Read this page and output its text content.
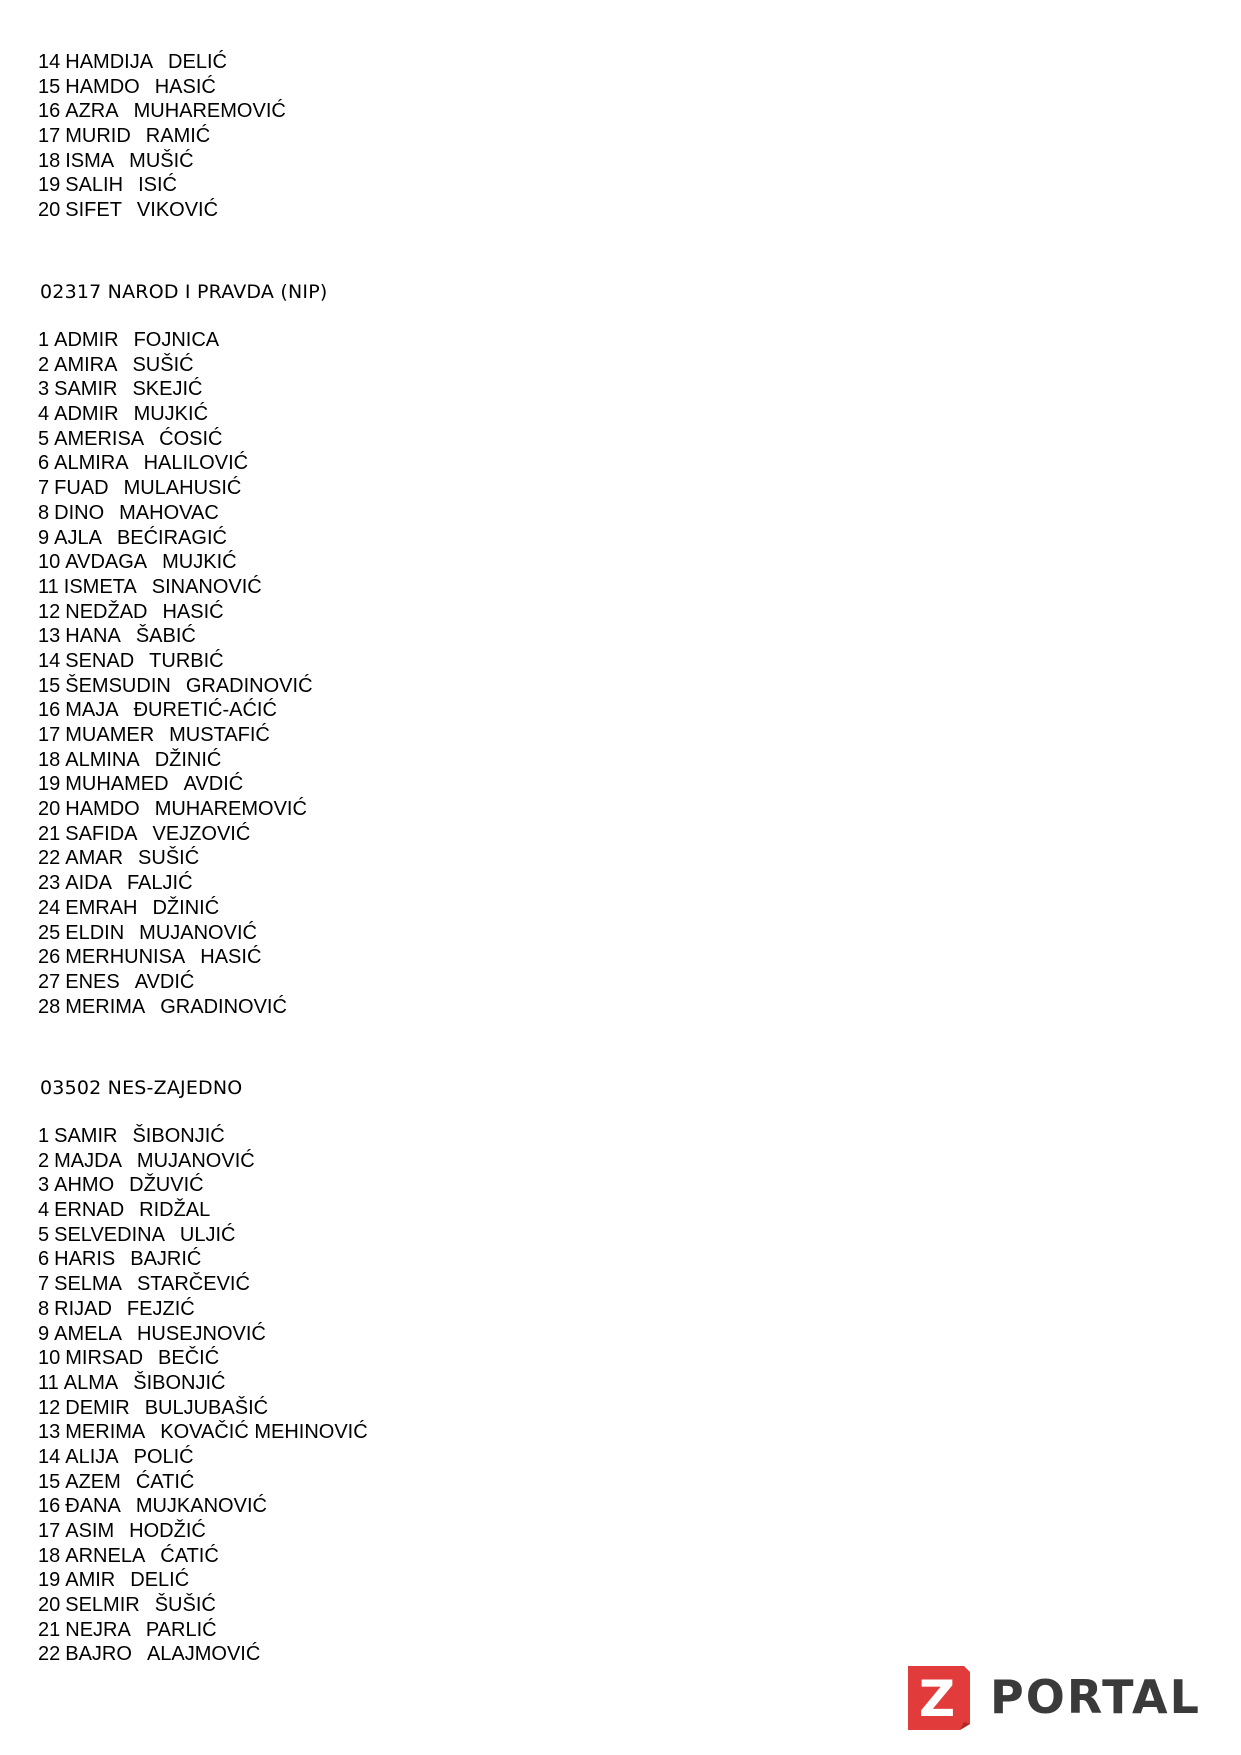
14 HAMDIJA DELIĆ
15 HAMDO HASIĆ
16 AZRA MUHAREMOVIĆ
17 MURID RAMIĆ
18 ISMA MUŠIĆ
19 SALIH ISIĆ
20 SIFET VIKOVIĆ
02317 NAROD I PRAVDA (NIP)
1 ADMIR FOJNICA
2 AMIRA SUŠIĆ
3 SAMIR SKEJIĆ
4 ADMIR MUJKIĆ
5 AMERISA ĆOSIĆ
6 ALMIRA HALILOVIĆ
7 FUAD MULAHUSIĆ
8 DINO MAHOVAC
9 AJLA BEĆIRAGIĆ
10 AVDAGA MUJKIĆ
11 ISMETA SINANOVIĆ
12 NEDŽAD HASIĆ
13 HANA ŠABIĆ
14 SENAD TURBIĆ
15 ŠEMSUDIN GRADINOVIĆ
16 MAJA ĐURETIĆ-AĆIĆ
17 MUAMER MUSTAFIĆ
18 ALMINA DŽINIĆ
19 MUHAMED AVDIĆ
20 HAMDO MUHAREMOVIĆ
21 SAFIDA VEJZOVIĆ
22 AMAR SUŠIĆ
23 AIDA FALJIĆ
24 EMRAH DŽINIĆ
25 ELDIN MUJANOVIĆ
26 MERHUNISA HASIĆ
27 ENES AVDIĆ
28 MERIMA GRADINOVIĆ
03502 NES-ZAJEDNO
1 SAMIR ŠIBONJIĆ
2 MAJDA MUJANOVIĆ
3 AHMO DŽUVIĆ
4 ERNAD RIDŽAL
5 SELVEDINA ULJIĆ
6 HARIS BAJRIĆ
7 SELMA STARČEVIĆ
8 RIJAD FEJZIĆ
9 AMELA HUSEJNOVIĆ
10 MIRSAD BEČIĆ
11 ALMA ŠIBONJIĆ
12 DEMIR BULJUBAŠIĆ
13 MERIMA KOVAČIĆ MEHINOVIĆ
14 ALIJA POLIĆ
15 AZEM ĆATIĆ
16 ĐANA MUJKANOVIĆ
17 ASIM HODŽIĆ
18 ARNELA ĆATIĆ
19 AMIR DELIĆ
20 SELMIR ŠUŠIĆ
21 NEJRA PARLIĆ
22 BAJRO ALAJMOVIĆ
Z PORTAL
